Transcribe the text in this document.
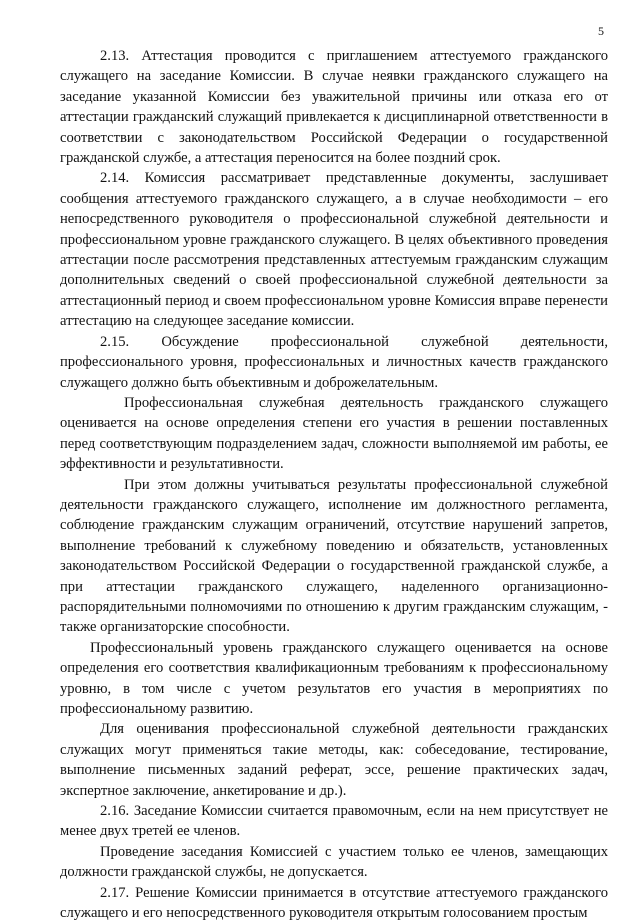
5

2.13. Аттестация проводится с приглашением аттестуемого гражданского служащего на заседание Комиссии. В случае неявки гражданского служащего на заседание указанной Комиссии без уважительной причины или отказа его от аттестации гражданский служащий привлекается к дисциплинарной ответственности в соответствии с законодательством Российской Федерации о государственной гражданской службе, а аттестация переносится на более поздний срок.

2.14. Комиссия рассматривает представленные документы, заслушивает сообщения аттестуемого гражданского служащего, а в случае необходимости – его непосредственного руководителя о профессиональной служебной деятельности и профессиональном уровне гражданского служащего. В целях объективного проведения аттестации после рассмотрения представленных аттестуемым гражданским служащим дополнительных сведений о своей профессиональной служебной деятельности за аттестационный период и своем профессиональном уровне Комиссия вправе перенести аттестацию на следующее заседание комиссии.

2.15. Обсуждение профессиональной служебной деятельности, профессионального уровня, профессиональных и личностных качеств гражданского служащего должно быть объективным и доброжелательным.

Профессиональная служебная деятельность гражданского служащего оценивается на основе определения степени его участия в решении поставленных перед соответствующим подразделением задач, сложности выполняемой им работы, ее эффективности и результативности.

При этом должны учитываться результаты профессиональной служебной деятельности гражданского служащего, исполнение им должностного регламента, соблюдение гражданским служащим ограничений, отсутствие нарушений запретов, выполнение требований к служебному поведению и обязательств, установленных законодательством Российской Федерации о государственной гражданской службе, а при аттестации гражданского служащего, наделенного организационно-распорядительными полномочиями по отношению к другим гражданским служащим, - также организаторские способности.

Профессиональный уровень гражданского служащего оценивается на основе определения его соответствия квалификационным требованиям к профессиональному уровню, в том числе с учетом результатов его участия в мероприятиях по профессиональному развитию.

Для оценивания профессиональной служебной деятельности гражданских служащих могут применяться такие методы, как: собеседование, тестирование, выполнение письменных заданий реферат, эссе, решение практических задач, экспертное заключение, анкетирование и др.).

2.16. Заседание Комиссии считается правомочным, если на нем присутствует не менее двух третей ее членов.

Проведение заседания Комиссией с участием только ее членов, замещающих должности гражданской службы, не допускается.

2.17. Решение Комиссии принимается в отсутствие аттестуемого гражданского служащего и его непосредственного руководителя открытым голосованием простым
